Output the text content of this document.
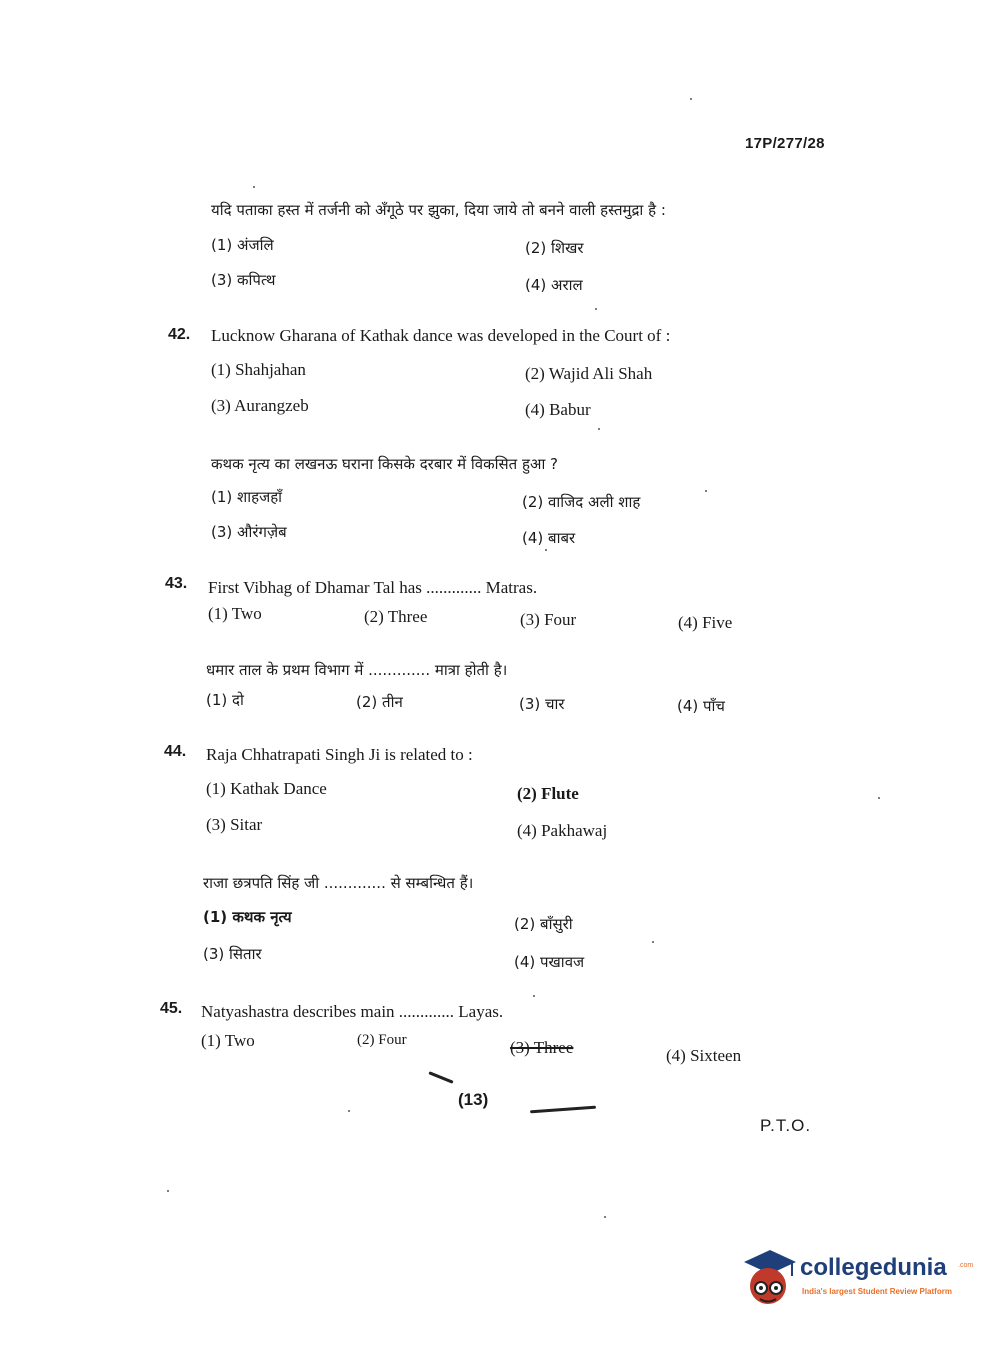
17P/277/28
यदि पताका हस्त में तर्जनी को अँगूठे पर झुका, दिया जाये तो बनने वाली हस्तमुद्रा है :
(1) अंजलि	(2) शिखर
(3) कपित्थ	(4) अराल
42. Lucknow Gharana of Kathak dance was developed in the Court of :
(1) Shahjahan	(2) Wajid Ali Shah
(3) Aurangzeb	(4) Babur
कथक नृत्य का लखनऊ घराना किसके दरबार में विकसित हुआ ?
(1) शाहजहाँ	(2) वाजिद अली शाह
(3) औरंगज़ेब	(4) बाबर
43. First Vibhag of Dhamar Tal has ............. Matras.
(1) Two	(2) Three	(3) Four	(4) Five
धमार ताल के प्रथम विभाग में ............. मात्रा होती है।
(1) दो	(2) तीन	(3) चार	(4) पाँच
44. Raja Chhatrapati Singh Ji is related to :
(1) Kathak Dance	(2) Flute
(3) Sitar	(4) Pakhawaj
राजा छत्रपति सिंह जी ............. से सम्बन्धित हैं।
(1) कथक नृत्य	(2) बाँसुरी
(3) सितार	(4) पखावज
45. Natyashastra describes main ............. Layas.
(1) Two	(2) Four	(3) Three	(4) Sixteen
(13)
P.T.O.
collegedunia .com
India's largest Student Review Platform
